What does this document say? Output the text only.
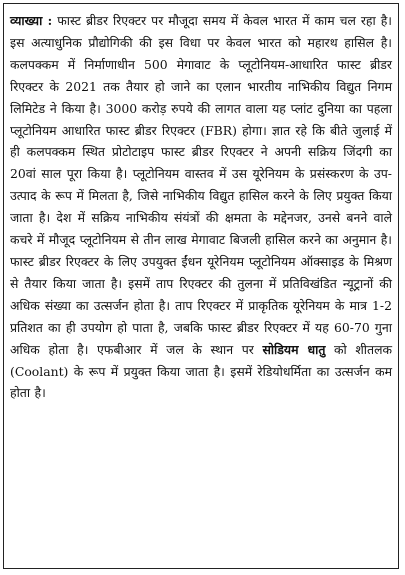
व्याख्या : फास्ट ब्रीडर रिएक्टर पर मौजूदा समय में केवल भारत में काम चल रहा है। इस अत्याधुनिक प्रौद्योगिकी की इस विधा पर केवल भारत को महारथ हासिल है। कलपक्कम में निर्माणाधीन 500 मेगावाट के प्लूटोनियम-आधारित फास्ट ब्रीडर रिएक्टर के 2021 तक तैयार हो जाने का एलान भारतीय नाभिकीय विद्युत निगम लिमिटेड ने किया है। 3000 करोड़ रुपये की लागत वाला यह प्लांट दुनिया का पहला प्लूटोनियम आधारित फास्ट ब्रीडर रिएक्टर (FBR) होगा। ज्ञात रहे कि बीते जुलाई में ही कलपक्कम स्थित प्रोटोटाइप फास्ट ब्रीडर रिएक्टर ने अपनी सक्रिय जिंदगी का 20वां साल पूरा किया है। प्लूटोनियम वास्तव में उस यूरेनियम के प्रसंस्करण के उप-उत्पाद के रूप में मिलता है, जिसे नाभिकीय विद्युत हासिल करने के लिए प्रयुक्त किया जाता है। देश में सक्रिय नाभिकीय संयंत्रों की क्षमता के मद्देनजर, उनसे बनने वाले कचरे में मौजूद प्लूटोनियम से तीन लाख मेगावाट बिजली हासिल करने का अनुमान है। फास्ट ब्रीडर रिएक्टर के लिए उपयुक्त ईंधन यूरेनियम प्लूटोनियम ऑक्साइड के मिश्रण से तैयार किया जाता है। इसमें ताप रिएक्टर की तुलना में प्रतिविखंडित न्यूट्रानों की अधिक संख्या का उत्सर्जन होता है। ताप रिएक्टर में प्राकृतिक यूरेनियम के मात्र 1-2 प्रतिशत का ही उपयोग हो पाता है, जबकि फास्ट ब्रीडर रिएक्टर में यह 60-70 गुना अधिक होता है। एफबीआर में जल के स्थान पर सोडियम धातु को शीतलक (Coolant) के रूप में प्रयुक्त किया जाता है। इसमें रेडियोधर्मिता का उत्सर्जन कम होता है।
